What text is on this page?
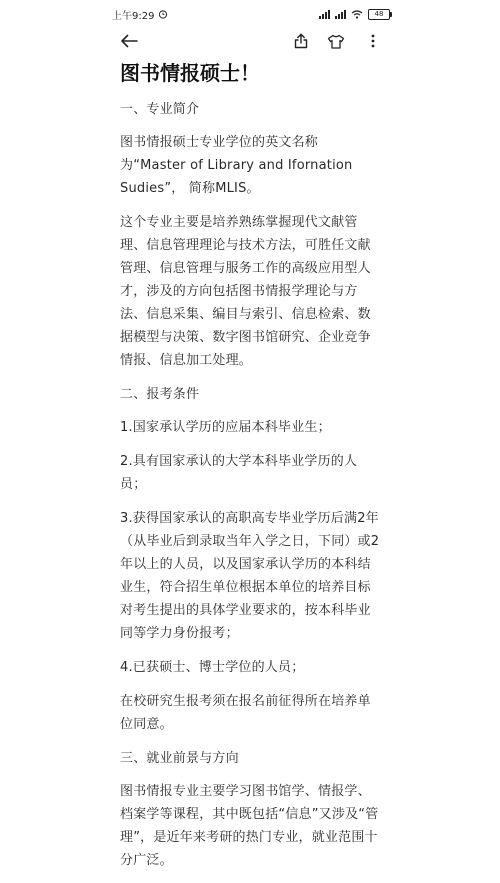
上午9:29	48
图书情报硕士！

一、专业简介

图书情报硕士专业学位的英文名称为“Master of Library and Ifornation Sudies”， 简称MLIS。

这个专业主要是培养熟练掌握现代文献管理、信息管理理论与技术方法，可胜任文献管理、信息管理与服务工作的高级应用型人才，涉及的方向包括图书情报学理论与方法、信息采集、编目与索引、信息检索、数据模型与决策、数字图书馆研究、企业竞争情报、信息加工处理。

二、报考条件

1.国家承认学历的应届本科毕业生；

2.具有国家承认的大学本科毕业学历的人员；

3.获得国家承认的高职高专毕业学历后满2年（从毕业后到录取当年入学之日，下同）或2年以上的人员，以及国家承认学历的本科结业生，符合招生单位根据本单位的培养目标对考生提出的具体学业要求的，按本科毕业同等学力身份报考；

4.已获硕士、博士学位的人员；

在校研究生报考须在报名前征得所在培养单位同意。

三、就业前景与方向

图书情报专业主要学习图书馆学、情报学、档案学等课程，其中既包括“信息”又涉及“管理”，是近年来考研的热门专业，就业范围十分广泛。
